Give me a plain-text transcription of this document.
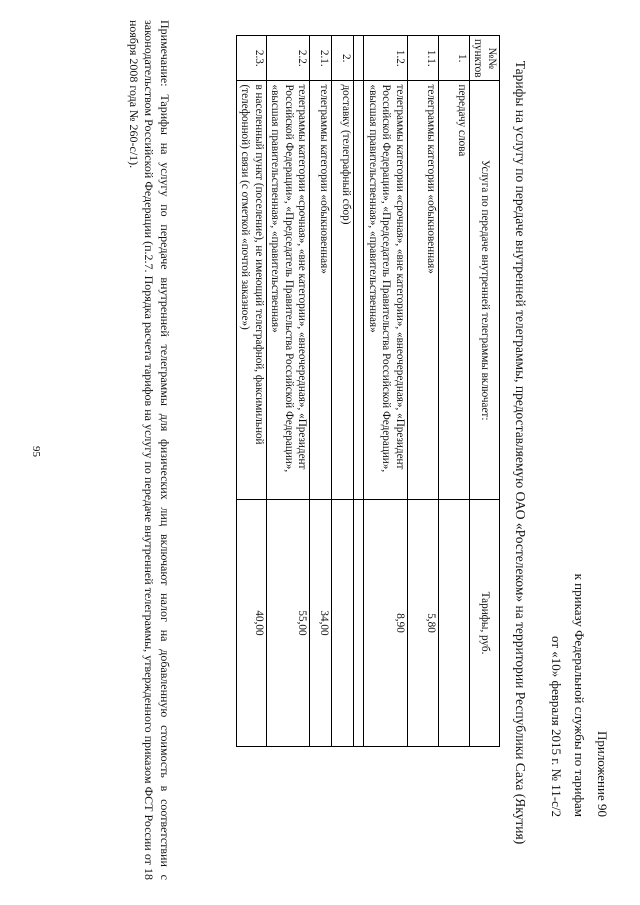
Приложение 90
к приказу Федеральной службы по тарифам
от «10» февраля 2015 г. № 11-с/2
Тарифы на услугу по передаче внутренней телеграммы, предоставляемую ОАО «Ростелеком» на территории Республики Саха (Якутия)
№№ пунктов	Услуга по передаче внутренней телеграммы включает:	Тарифы, руб.
1.	передачу слова	
1.1.	телеграммы категории «обыкновенная»	5,80
1.2.	телеграммы категории «срочная», «вне категории», «внеочередная», «Президент Российской Федерации», «Председатель Правительства Российской Федерации», «высшая правительственная», «правительственная»	8,90

2.	доставку (телеграфный сбор)	
2.1.	телеграммы категории «обыкновенная»	34,00
2.2.	телеграммы категории «срочная», «вне категории», «внеочередная», «Президент Российской Федерации», «Председатель Правительства Российской Федерации», «высшая правительственная», «правительственная»	55,00
2.3.	в населенный пункт (поселение), не имеющий телеграфной, факсимильной (телефонной) связи (с отметкой «почтой заказное»)	40,00
Примечание: Тарифы на услугу по передаче внутренней телеграммы для физических лиц включают налог на добавленную стоимость в соответствии с законодательством Российской Федерации (п.2.7. Порядка расчета тарифов на услугу по передаче внутренней телеграммы, утвержденного приказом ФСТ России от 18 ноября 2008 года № 260-с/1).
95
